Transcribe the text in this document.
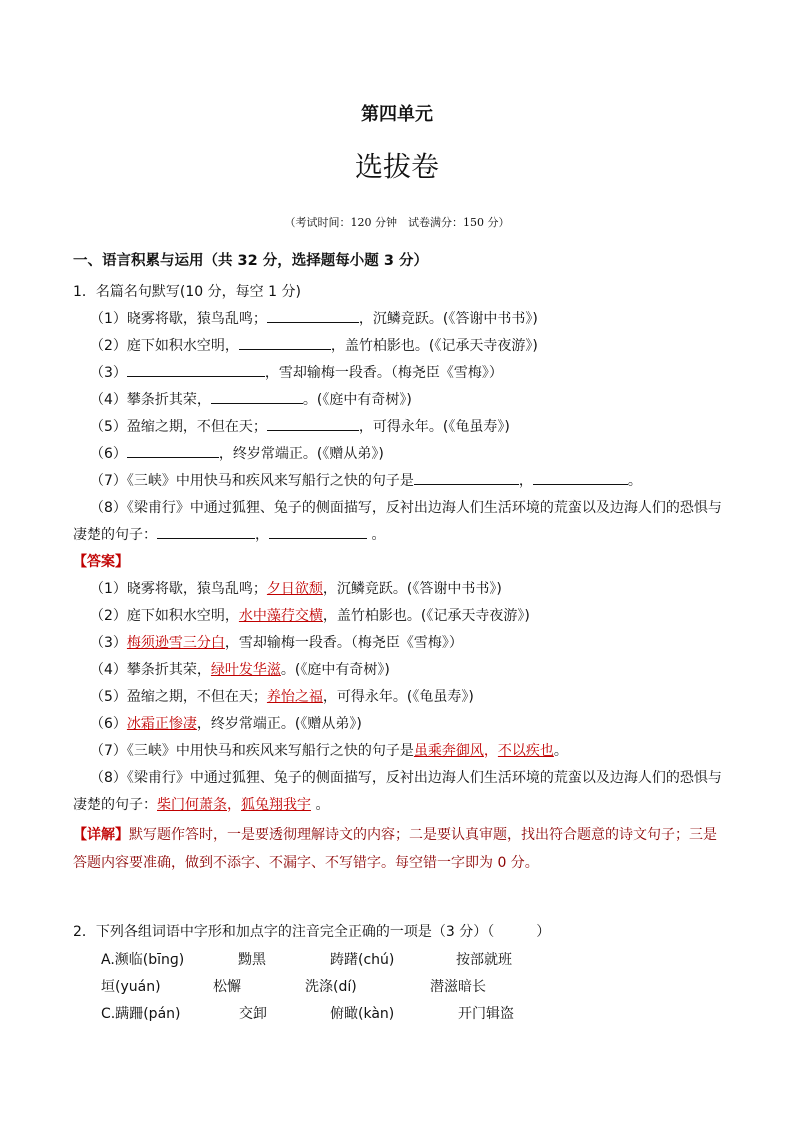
第四单元
选拔卷
（考试时间：120 分钟　试卷满分：150 分）
一、语言积累与运用（共 32 分，选择题每小题 3 分）
1．名篇名句默写(10 分，每空 1 分)
（1）晓雾将歇，猿鸟乱鸣；	，沉鳞竞跃。(《答谢中书书》)
（2）庭下如积水空明，	，盖竹柏影也。(《记承天寺夜游》)
（3）	，雪却输梅一段香。（梅尧臣《雪梅》）
（4）攀条折其荣，	。(《庭中有奇树》)
（5）盈缩之期，不但在天；	，可得永年。(《龟虽寿》)
（6）	，终岁常端正。(《赠从弟》)
（7）《三峡》中用快马和疾风来写船行之快的句子是	，	。
（8）《梁甫行》中通过狐狸、兔子的侧面描写，反衬出边海人们生活环境的荒蛮以及边海人们的恐惧与
凄楚的句子：	，	。
【答案】
（1）晓雾将歇，猿鸟乱鸣；夕日欲颓，沉鳞竞跃。(《答谢中书书》)
（2）庭下如积水空明，水中藻荇交横，盖竹柏影也。(《记承天寺夜游》)
（3）梅须逊雪三分白，雪却输梅一段香。（梅尧臣《雪梅》）
（4）攀条折其荣，绿叶发华滋。(《庭中有奇树》)
（5）盈缩之期，不但在天；养怡之福，可得永年。(《龟虽寿》)
（6）冰霜正惨凄，终岁常端正。(《赠从弟》)
（7）《三峡》中用快马和疾风来写船行之快的句子是虽乘奔御风，不以疾也。
（8）《梁甫行》中通过狐狸、兔子的侧面描写，反衬出边海人们生活环境的荒蛮以及边海人们的恐惧与
凄楚的句子：柴门何萧条，狐兔翔我宇 。
【详解】默写题作答时，一是要透彻理解诗文的内容；二是要认真审题，找出符合题意的诗文句子；三是
答题内容要准确，做到不添字、不漏字、不写错字。每空错一字即为 0 分。
2．下列各组词语中字形和加点字的注音完全正确的一项是（3 分）（　　　）
A.濒临(bīnɡ)	黝黑	踌躇(chú)	按部就班
垣(yuán)	松懈	洗涤(dí)	潜滋暗长
C.蹒跚(pán)	交卸	俯瞰(kàn)	开门辑盗
